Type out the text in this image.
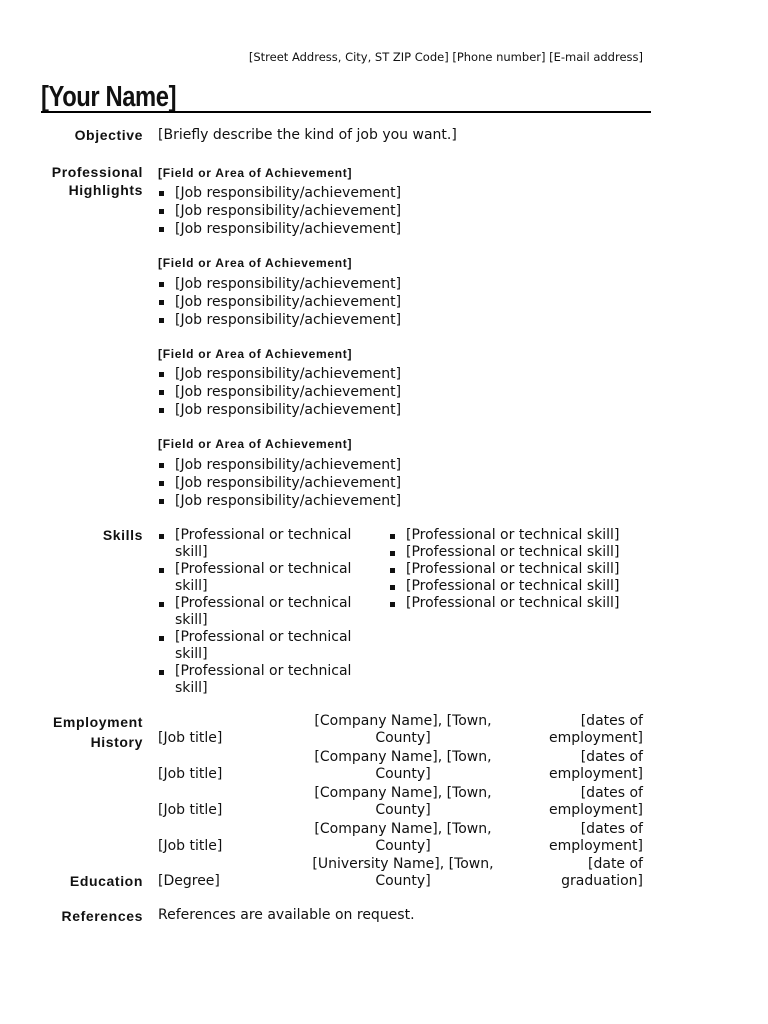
[Street Address, City, ST ZIP Code] [Phone number] [E-mail address]
[Your Name]
Objective [Briefly describe the kind of job you want.]
Professional
Highlights
[Field or Area of Achievement]
[Job responsibility/achievement]
[Job responsibility/achievement]
[Job responsibility/achievement]
[Field or Area of Achievement]
[Job responsibility/achievement]
[Job responsibility/achievement]
[Job responsibility/achievement]
[Field or Area of Achievement]
[Job responsibility/achievement]
[Job responsibility/achievement]
[Job responsibility/achievement]
[Field or Area of Achievement]
[Job responsibility/achievement]
[Job responsibility/achievement]
[Job responsibility/achievement]
Skills	[Professional or technical skill]
[Professional or technical skill]
[Professional or technical skill]
[Professional or technical skill]
[Professional or technical skill]
[Professional or technical skill]
[Professional or technical skill]
[Professional or technical skill]
[Professional or technical skill]
[Professional or technical skill]
Employment
History [Job title]
[Company Name], [Town,
County]
[dates of
employment]
[Job title]
[Company Name], [Town,
County]
[dates of
employment]
[Job title]
[Company Name], [Town,
County]
[dates of
employment]
[Job title]
[Company Name], [Town,
County]
[dates of
employment]
Education [Degree]
[University Name], [Town,
County]
[date of
graduation]
References References are available on request.
